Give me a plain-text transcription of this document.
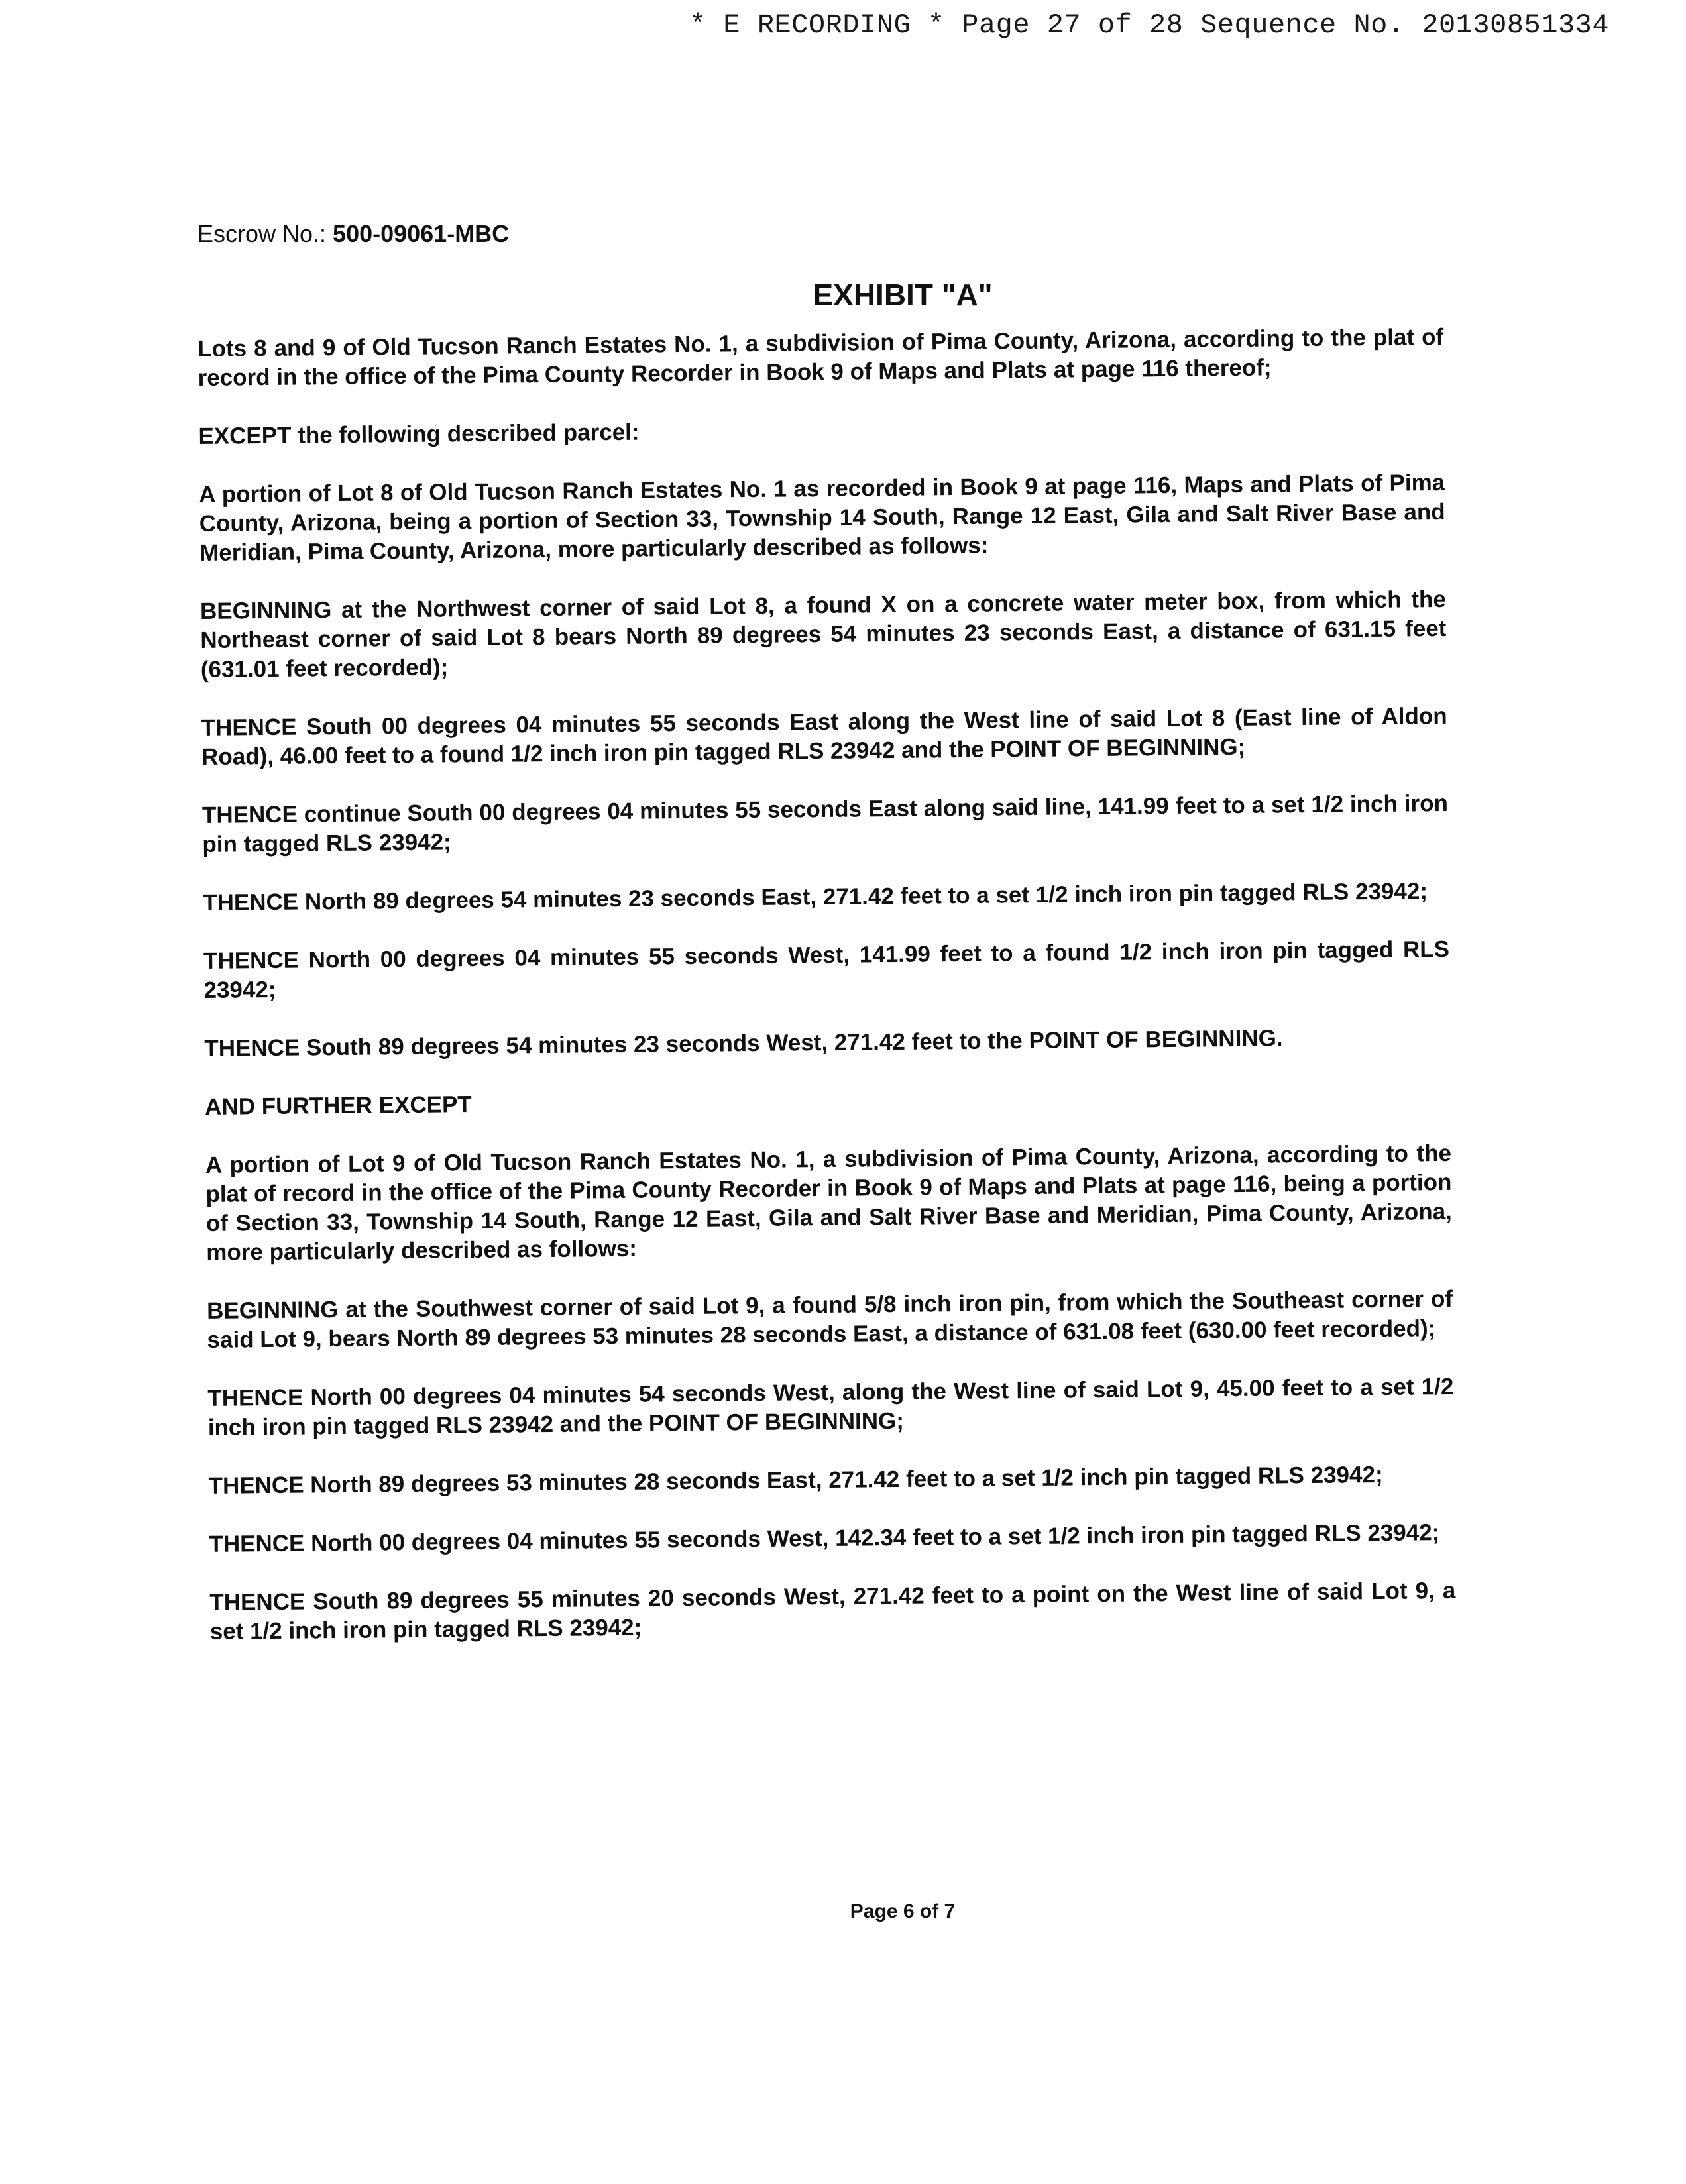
* E RECORDING * Page 27 of 28 Sequence No. 20130851334
Escrow No.: 500-09061-MBC
EXHIBIT "A"

Lots 8 and 9 of Old Tucson Ranch Estates No. 1, a subdivision of Pima County, Arizona, according to the plat of record in the office of the Pima County Recorder in Book 9 of Maps and Plats at page 116 thereof;

EXCEPT the following described parcel:

A portion of Lot 8 of Old Tucson Ranch Estates No. 1 as recorded in Book 9 at page 116, Maps and Plats of Pima County, Arizona, being a portion of Section 33, Township 14 South, Range 12 East, Gila and Salt River Base and Meridian, Pima County, Arizona, more particularly described as follows:

BEGINNING at the Northwest corner of said Lot 8, a found X on a concrete water meter box, from which the Northeast corner of said Lot 8 bears North 89 degrees 54 minutes 23 seconds East, a distance of 631.15 feet (631.01 feet recorded);

THENCE South 00 degrees 04 minutes 55 seconds East along the West line of said Lot 8 (East line of Aldon Road), 46.00 feet to a found 1/2 inch iron pin tagged RLS 23942 and the POINT OF BEGINNING;

THENCE continue South 00 degrees 04 minutes 55 seconds East along said line, 141.99 feet to a set 1/2 inch iron pin tagged RLS 23942;

THENCE North 89 degrees 54 minutes 23 seconds East, 271.42 feet to a set 1/2 inch iron pin tagged RLS 23942;

THENCE North 00 degrees 04 minutes 55 seconds West, 141.99 feet to a found 1/2 inch iron pin tagged RLS 23942;

THENCE South 89 degrees 54 minutes 23 seconds West, 271.42 feet to the POINT OF BEGINNING.

AND FURTHER EXCEPT

A portion of Lot 9 of Old Tucson Ranch Estates No. 1, a subdivision of Pima County, Arizona, according to the plat of record in the office of the Pima County Recorder in Book 9 of Maps and Plats at page 116, being a portion of Section 33, Township 14 South, Range 12 East, Gila and Salt River Base and Meridian, Pima County, Arizona, more particularly described as follows:

BEGINNING at the Southwest corner of said Lot 9, a found 5/8 inch iron pin, from which the Southeast corner of said Lot 9, bears North 89 degrees 53 minutes 28 seconds East, a distance of 631.08 feet (630.00 feet recorded);

THENCE North 00 degrees 04 minutes 54 seconds West, along the West line of said Lot 9, 45.00 feet to a set 1/2 inch iron pin tagged RLS 23942 and the POINT OF BEGINNING;

THENCE North 89 degrees 53 minutes 28 seconds East, 271.42 feet to a set 1/2 inch pin tagged RLS 23942;

THENCE North 00 degrees 04 minutes 55 seconds West, 142.34 feet to a set 1/2 inch iron pin tagged RLS 23942;

THENCE South 89 degrees 55 minutes 20 seconds West, 271.42 feet to a point on the West line of said Lot 9, a set 1/2 inch iron pin tagged RLS 23942;

Page 6 of 7
